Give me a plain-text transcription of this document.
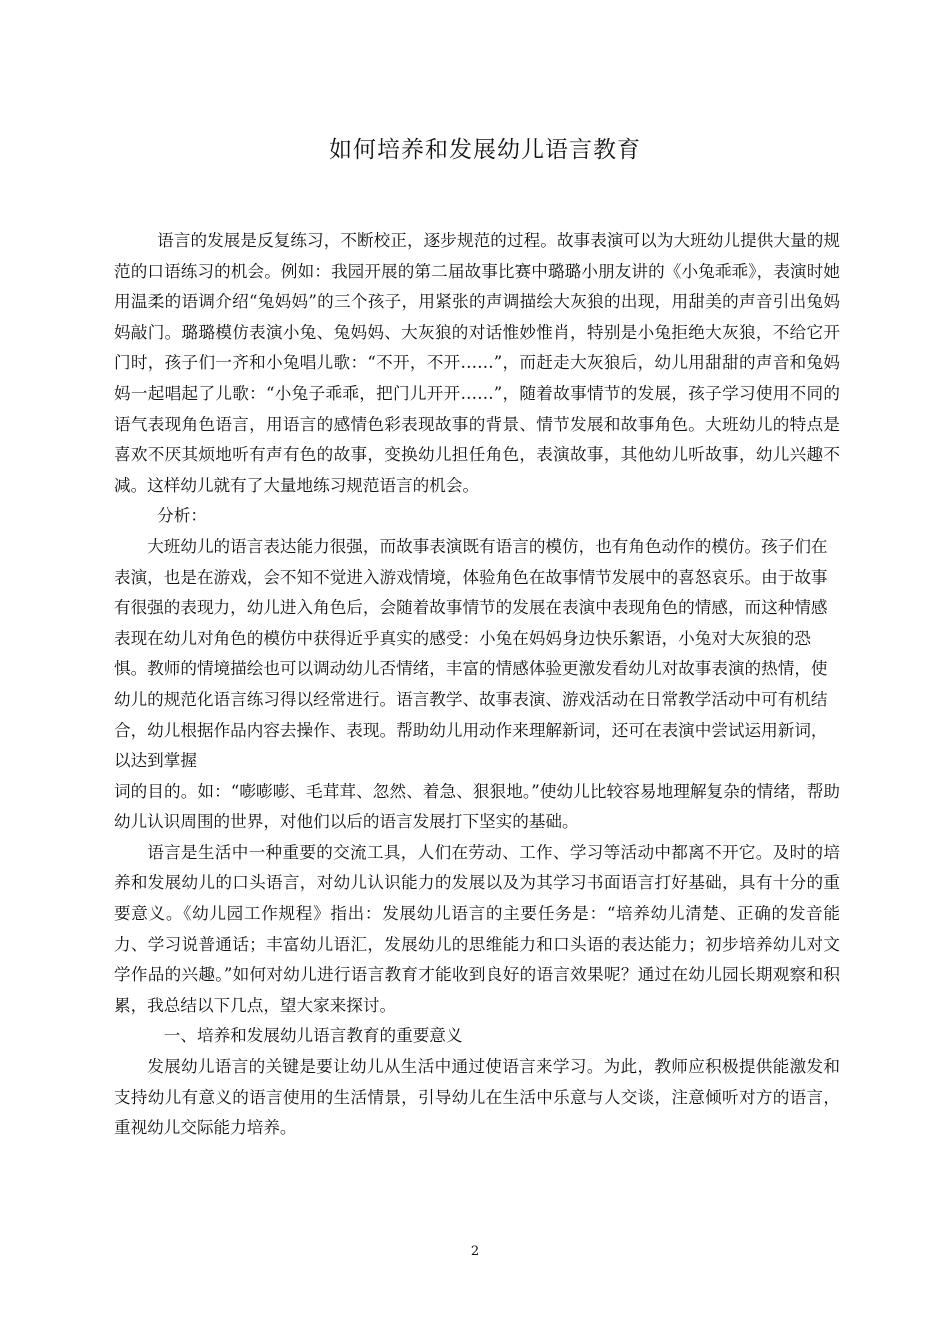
如何培养和发展幼儿语言教育

语言的发展是反复练习，不断校正，逐步规范的过程。故事表演可以为大班幼儿提供大量的规范的口语练习的机会。例如：我园开展的第二届故事比赛中璐璐小朋友讲的《小兔乖乖》，表演时她用温柔的语调介绍“兔妈妈”的三个孩子，用紧张的声调描绘大灰狼的出现，用甜美的声音引出兔妈妈敲门。璐璐模仿表演小兔、兔妈妈、大灰狼的对话惟妙惟肖，特别是小兔拒绝大灰狼，不给它开门时，孩子们一齐和小兔唱儿歌：“不开，不开……”，而赶走大灰狼后，幼儿用甜甜的声音和兔妈妈一起唱起了儿歌：“小兔子乖乖，把门儿开开……”，随着故事情节的发展，孩子学习使用不同的语气表现角色语言，用语言的感情色彩表现故事的背景、情节发展和故事角色。大班幼儿的特点是喜欢不厌其烦地听有声有色的故事，变换幼儿担任角色，表演故事，其他幼儿听故事，幼儿兴趣不减。这样幼儿就有了大量地练习规范语言的机会。

分析：

大班幼儿的语言表达能力很强，而故事表演既有语言的模仿，也有角色动作的模仿。孩子们在表演，也是在游戏，会不知不觉进入游戏情境，体验角色在故事情节发展中的喜怒哀乐。由于故事有很强的表现力，幼儿进入角色后，会随着故事情节的发展在表演中表现角色的情感，而这种情感表现在幼儿对角色的模仿中获得近乎真实的感受：小兔在妈妈身边快乐絮语，小兔对大灰狼的恐惧。教师的情境描绘也可以调动幼儿否情绪，丰富的情感体验更激发看幼儿对故事表演的热情，使幼儿的规范化语言练习得以经常进行。语言教学、故事表演、游戏活动在日常教学活动中可有机结合，幼儿根据作品内容去操作、表现。帮助幼儿用动作来理解新词，还可在表演中尝试运用新词，以达到掌握

词的目的。如：“嘭嘭嘭、毛茸茸、忽然、着急、狠狠地。”使幼儿比较容易地理解复杂的情绪，帮助幼儿认识周围的世界，对他们以后的语言发展打下坚实的基础。

语言是生活中一种重要的交流工具，人们在劳动、工作、学习等活动中都离不开它。及时的培养和发展幼儿的口头语言，对幼儿认识能力的发展以及为其学习书面语言打好基础，具有十分的重要意义。《幼儿园工作规程》指出：发展幼儿语言的主要任务是：“培养幼儿清楚、正确的发音能力、学习说普通话；丰富幼儿语汇，发展幼儿的思维能力和口头语的表达能力；初步培养幼儿对文学作品的兴趣。”如何对幼儿进行语言教育才能收到良好的语言效果呢？通过在幼儿园长期观察和积累，我总结以下几点，望大家来探讨。

一、培养和发展幼儿语言教育的重要意义

发展幼儿语言的关键是要让幼儿从生活中通过使语言来学习。为此，教师应积极提供能激发和支持幼儿有意义的语言使用的生活情景，引导幼儿在生活中乐意与人交谈，注意倾听对方的语言，重视幼儿交际能力培养。

2
